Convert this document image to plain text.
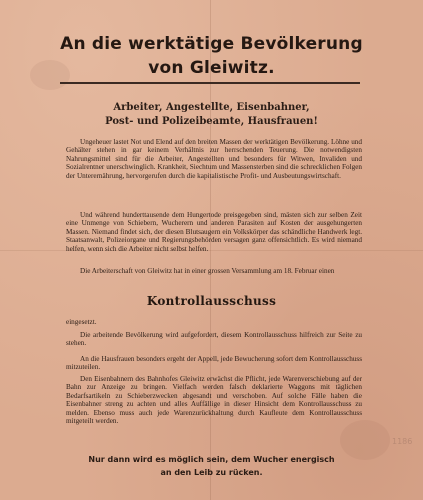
An die werktätige Bevölkerung
von Gleiwitz.
Arbeiter, Angestellte, Eisenbahner,
Post- und Polizeibeamte, Hausfrauen!
Ungeheuer lastet Not und Elend auf den breiten Massen der werktätigen Bevölkerung. Löhne und Gehälter stehen in gar keinem Verhältnis zur herrschenden Teuerung. Die notwendigsten Nahrungsmittel sind für die Arbeiter, Angestellten und besonders für Witwen, Invaliden und Sozialrentner unerschwinglich. Krankheit, Siechtum und Massensterben sind die schrecklichen Folgen der Unterernährung, hervorgerufen durch die kapitalistische Profit- und Ausbeutungswirtschaft.
Und während hunderttausende dem Hungertode preisgegeben sind, mästen sich zur selben Zeit eine Unmenge von Schiebern, Wucherern und anderen Parasiten auf Kosten der ausgehungerten Massen. Niemand findet sich, der diesen Blutsaugern ein Volkskörper das schändliche Handwerk legt. Staatsanwalt, Polizeiorgane und Regierungsbehörden versagen ganz offensichtlich. Es wird niemand helfen, wenn sich die Arbeiter nicht selbst helfen.
Die Arbeiterschaft von Gleiwitz hat in einer grossen Versammlung am 18. Februar einen
Kontrollausschuss
eingesetzt.
Die arbeitende Bevölkerung wird aufgefordert, diesem Kontrollausschuss hilfreich zur Seite zu stehen.
An die Hausfrauen besonders ergeht der Appell, jede Bewucherung sofort dem Kontrollausschuss mitzuteilen.
Den Eisenbahnern des Bahnhofes Gleiwitz erwächst die Pflicht, jede Warenverschiebung auf der Bahn zur Anzeige zu bringen. Vielfach werden falsch deklarierte Waggons mit täglichen Bedarfsartikeln zu Schieberzwecken abgesandt und verschoben. Auf solche Fälle haben die Eisenbahner streng zu achten und alles Auffällige in dieser Hinsicht dem Kontrollausschuss zu melden. Ebenso muss auch jede Warenzurückhaltung durch Kaufleute dem Kontrollausschuss mitgeteilt werden.
Nur dann wird es möglich sein, dem Wucher energisch
an den Leib zu rücken.
1186
